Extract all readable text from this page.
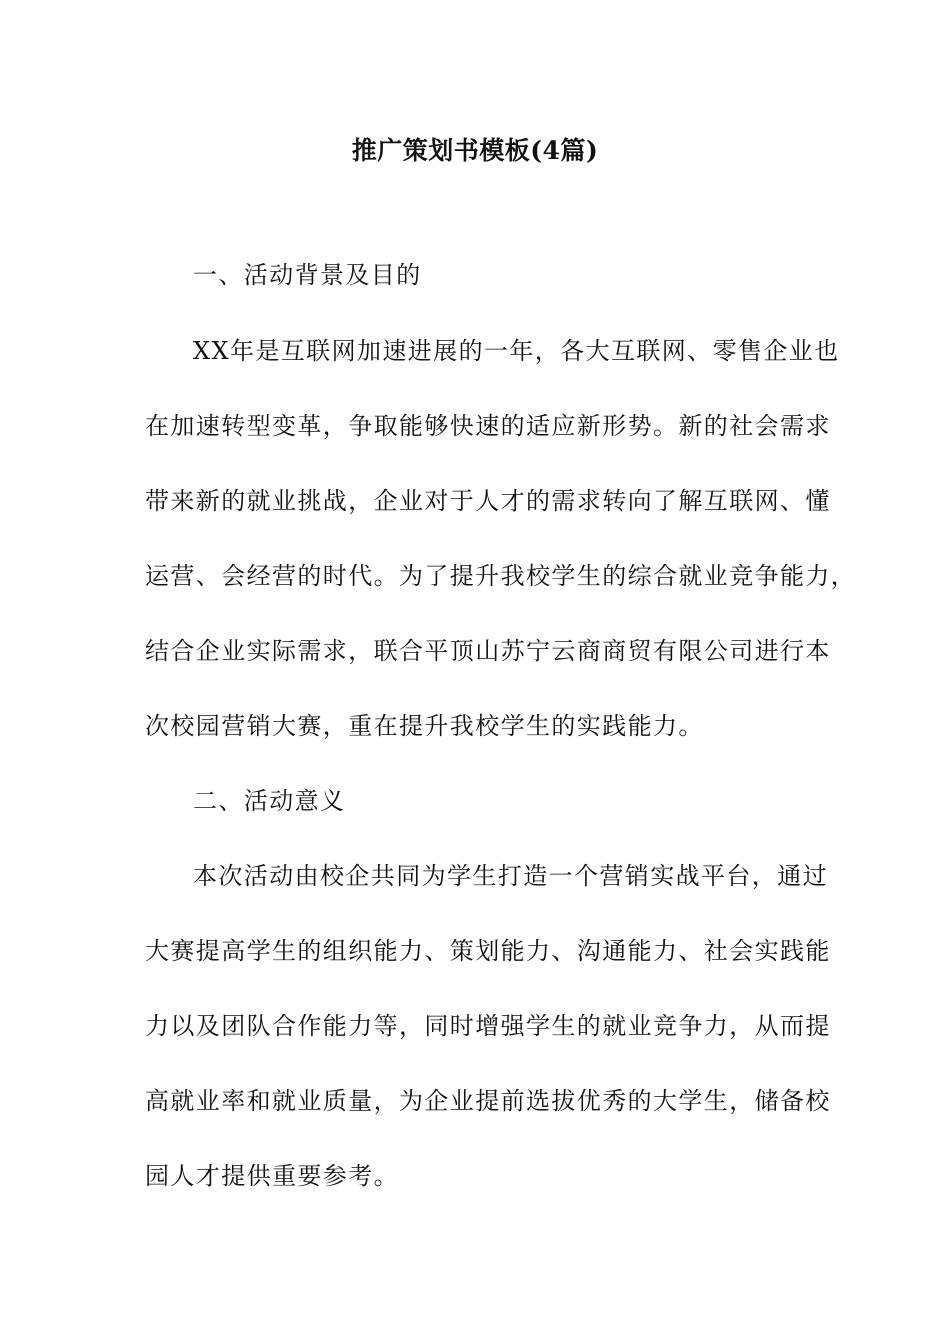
推广策划书模板(4篇)
一、活动背景及目的
XX年是互联网加速进展的一年，各大互联网、零售企业也
在加速转型变革，争取能够快速的适应新形势。新的社会需求
带来新的就业挑战，企业对于人才的需求转向了解互联网、懂
运营、会经营的时代。为了提升我校学生的综合就业竞争能力，
结合企业实际需求，联合平顶山苏宁云商商贸有限公司进行本
次校园营销大赛，重在提升我校学生的实践能力。
二、活动意义
本次活动由校企共同为学生打造一个营销实战平台，通过
大赛提高学生的组织能力、策划能力、沟通能力、社会实践能
力以及团队合作能力等，同时增强学生的就业竞争力，从而提
高就业率和就业质量，为企业提前选拔优秀的大学生，储备校
园人才提供重要参考。
